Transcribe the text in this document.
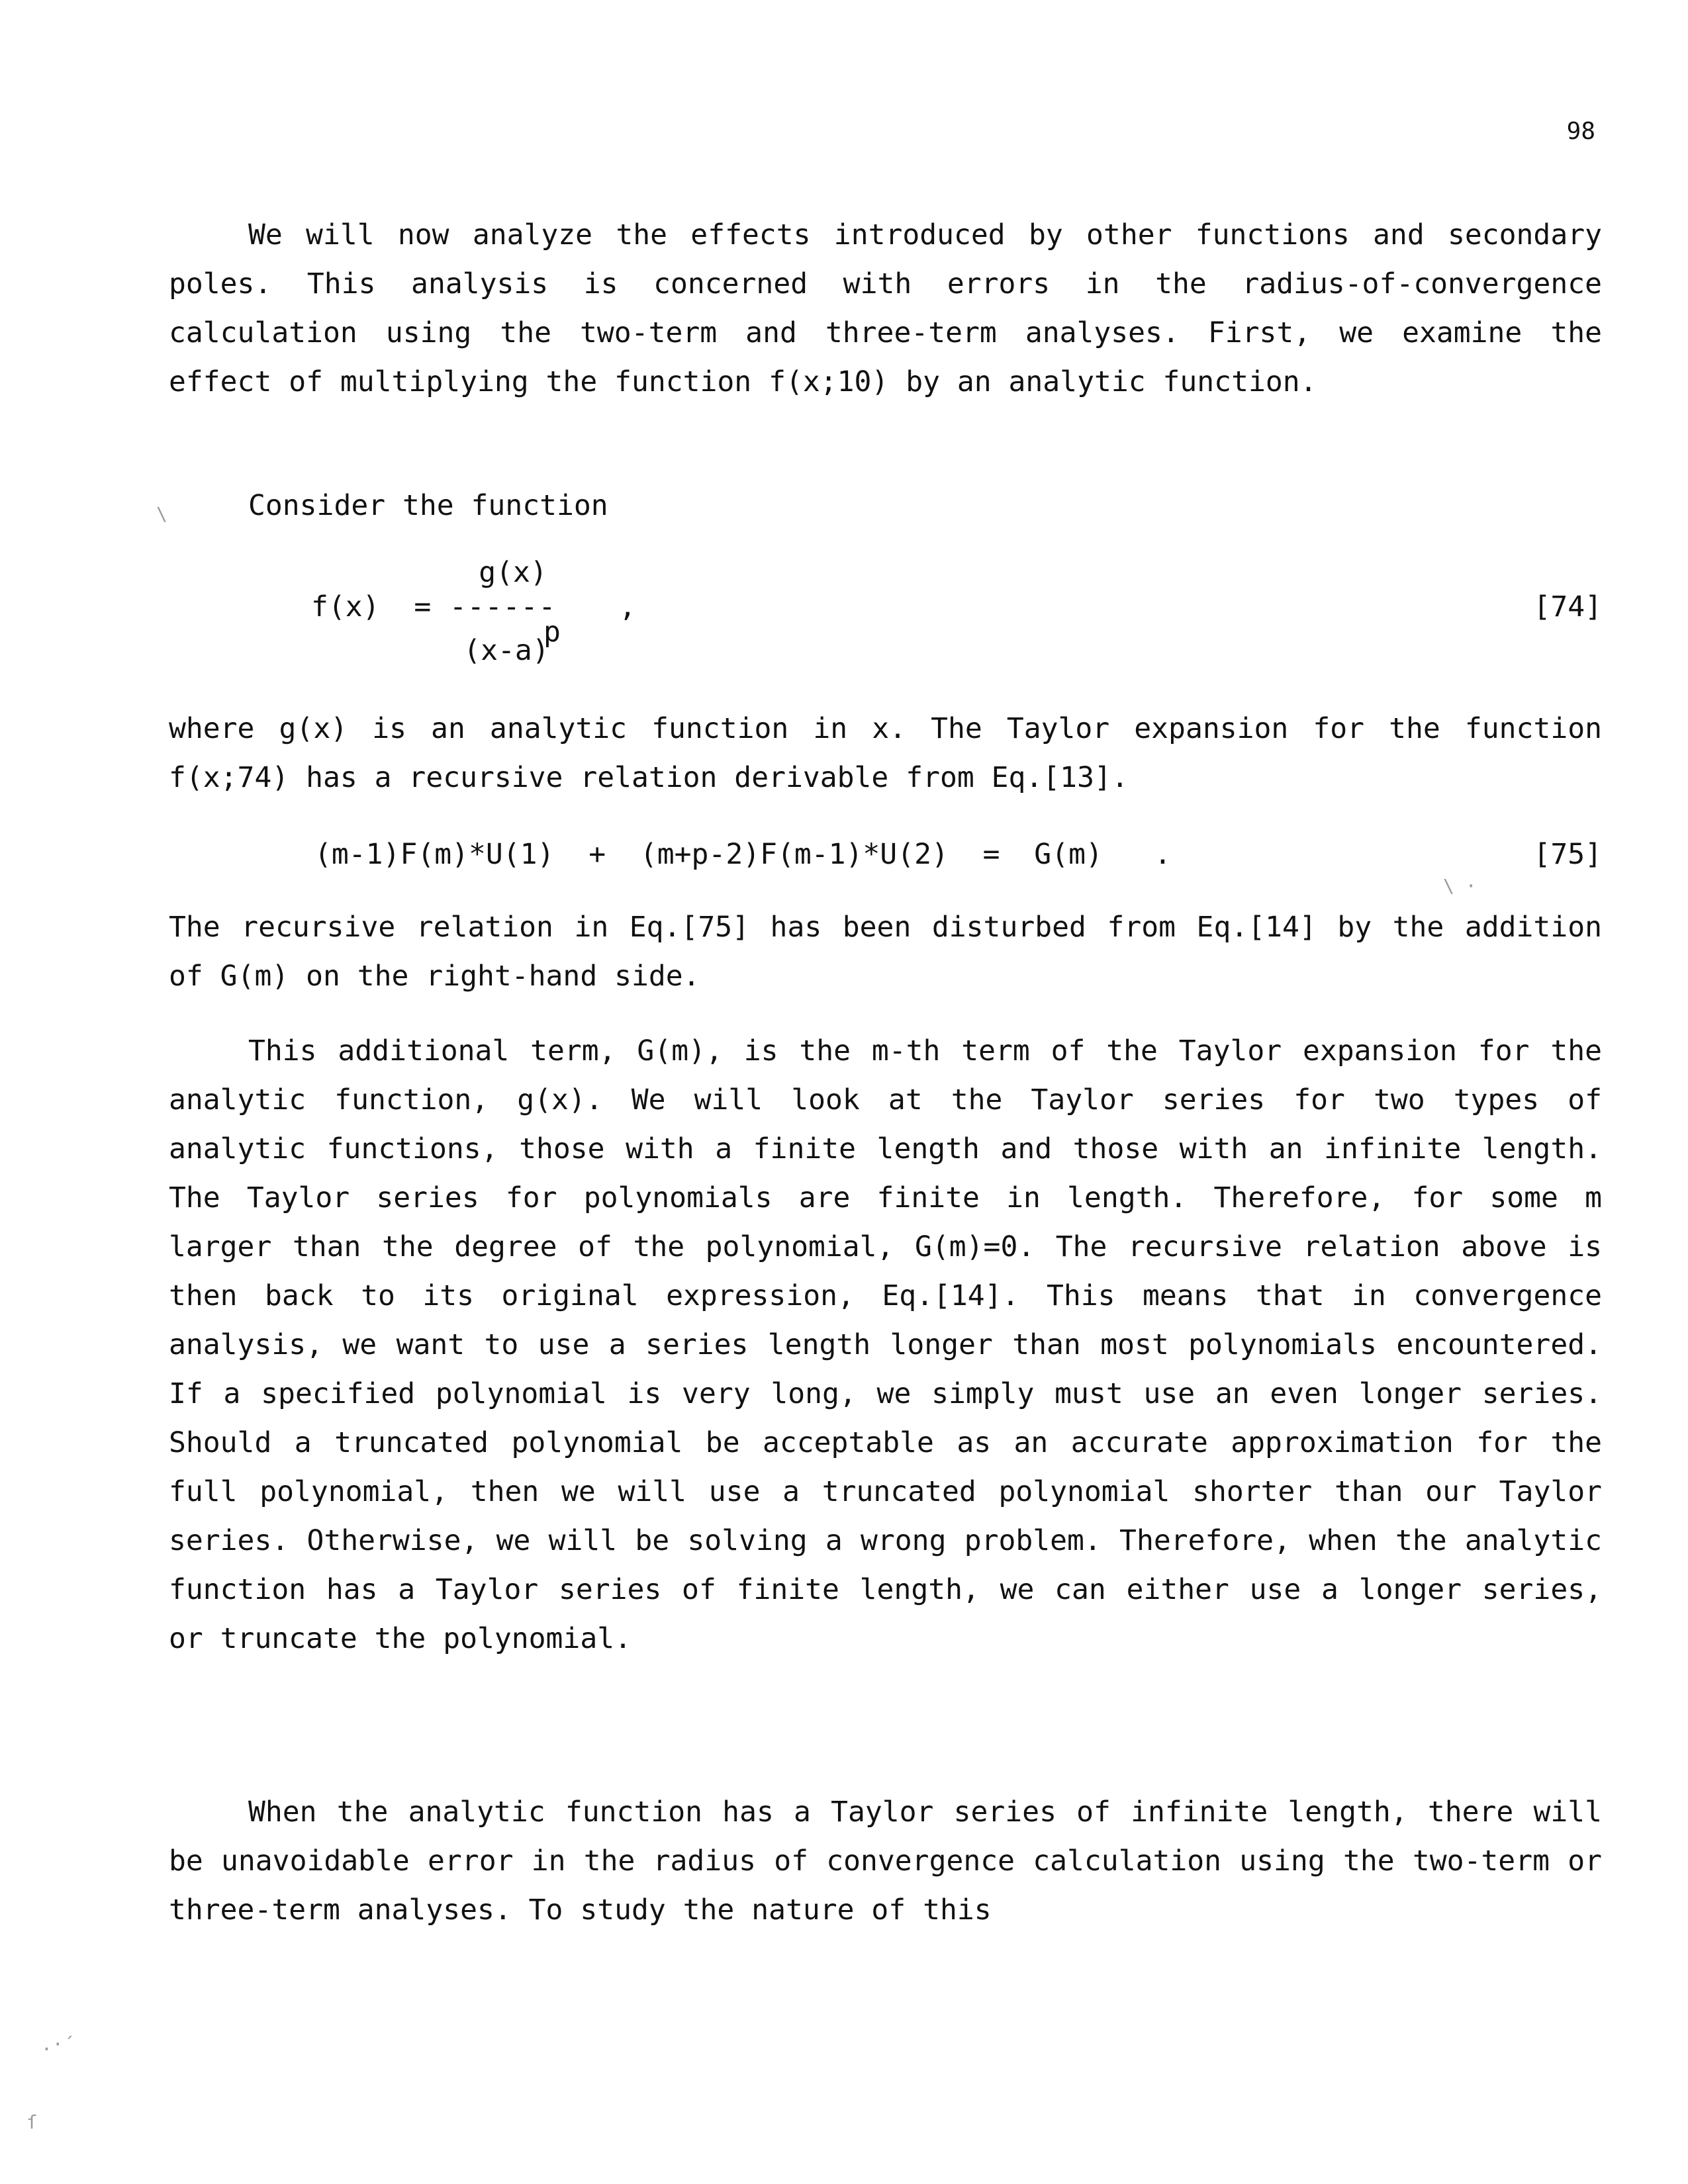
98

We will now analyze the effects introduced by other functions and secondary poles. This analysis is concerned with errors in the radius-of-convergence calculation using the two-term and three-term analyses. First, we examine the effect of multiplying the function f(x;10) by an analytic function.

Consider the function

f(x)  =
g(x)
------
(x-a)
p
,	[74]

where g(x) is an analytic function in x. The Taylor expansion for the function f(x;74) has a recursive relation derivable from Eq.[13].

(m-1)F(m)*U(1)  +  (m+p-2)F(m-1)*U(2)  =  G(m)   .	[75]

The recursive relation in Eq.[75] has been disturbed from Eq.[14] by the addition of G(m) on the right-hand side.

This additional term, G(m), is the m-th term of the Taylor expansion for the analytic function, g(x). We will look at the Taylor series for two types of analytic functions, those with a finite length and those with an infinite length. The Taylor series for polynomials are finite in length. Therefore, for some m larger than the degree of the polynomial, G(m)=0. The recursive relation above is then back to its original expression, Eq.[14]. This means that in convergence analysis, we want to use a series length longer than most polynomials encountered. If a specified polynomial is very long, we simply must use an even longer series. Should a truncated polynomial be acceptable as an accurate approximation for the full polynomial, then we will use a truncated polynomial shorter than our Taylor series. Otherwise, we will be solving a wrong problem. Therefore, when the analytic function has a Taylor series of finite length, we can either use a longer series, or truncate the polynomial.

When the analytic function has a Taylor series of infinite length, there will be unavoidable error in the radius of convergence calculation using the two-term or three-term analyses. To study the nature of this

\
\ ·
.·´
ſ
